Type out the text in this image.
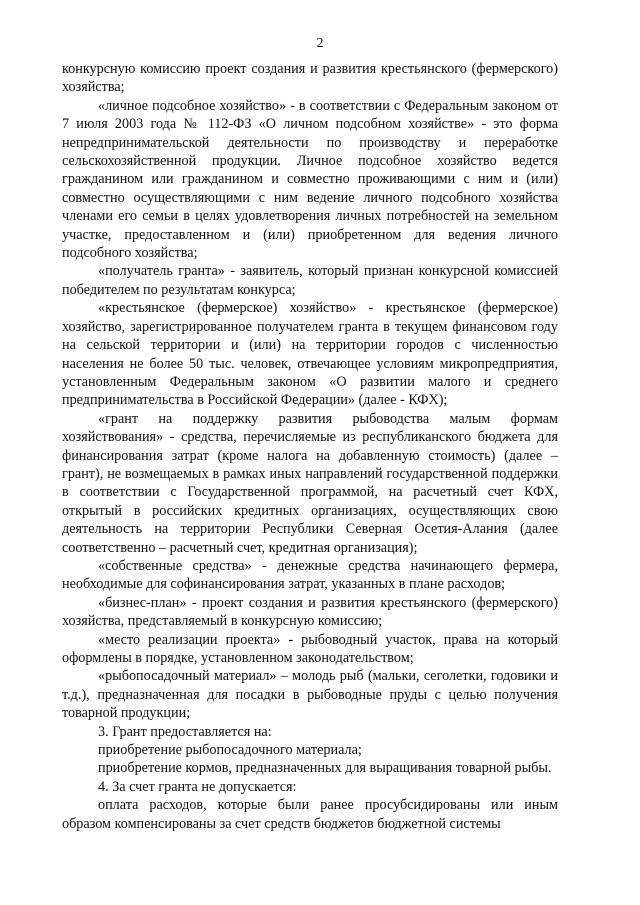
2

конкурсную комиссию проект создания и развития крестьянского (фермерского) хозяйства;

«личное подсобное хозяйство» - в соответствии с Федеральным законом от 7 июля 2003 года № 112-ФЗ «О личном подсобном хозяйстве» - это форма непредпринимательской деятельности по производству и переработке сельскохозяйственной продукции. Личное подсобное хозяйство ведется гражданином или гражданином и совместно проживающими с ним и (или) совместно осуществляющими с ним ведение личного подсобного хозяйства членами его семьи в целях удовлетворения личных потребностей на земельном участке, предоставленном и (или) приобретенном для ведения личного подсобного хозяйства;

«получатель гранта» - заявитель, который признан конкурсной комиссией победителем по результатам конкурса;

«крестьянское (фермерское) хозяйство» - крестьянское (фермерское) хозяйство, зарегистрированное получателем гранта в текущем финансовом году на сельской территории и (или) на территории городов с численностью населения не более 50 тыс. человек, отвечающее условиям микропредприятия, установленным Федеральным законом «О развитии малого и среднего предпринимательства в Российской Федерации» (далее - КФХ);

«грант на поддержку развития рыбоводства малым формам хозяйствования» - средства, перечисляемые из республиканского бюджета для финансирования затрат (кроме налога на добавленную стоимость) (далее – грант), не возмещаемых в рамках иных направлений государственной поддержки в соответствии с Государственной программой, на расчетный счет КФХ, открытый в российских кредитных организациях, осуществляющих свою деятельность на территории Республики Северная Осетия-Алания (далее соответственно – расчетный счет, кредитная организация);

«собственные средства» - денежные средства начинающего фермера, необходимые для софинансирования затрат, указанных в плане расходов;

«бизнес-план» - проект создания и развития крестьянского (фермерского) хозяйства, представляемый в конкурсную комиссию;

«место реализации проекта» - рыбоводный участок, права на который оформлены в порядке, установленном законодательством;

«рыбопосадочный материал» – молодь рыб (мальки, сеголетки, годовики и т.д.), предназначенная для посадки в рыбоводные пруды с целью получения товарной продукции;

3. Грант предоставляется на:

приобретение рыбопосадочного материала;

приобретение кормов, предназначенных для выращивания товарной рыбы.

4. За счет гранта не допускается:

оплата расходов, которые были ранее просубсидированы или иным образом компенсированы за счет средств бюджетов бюджетной системы
